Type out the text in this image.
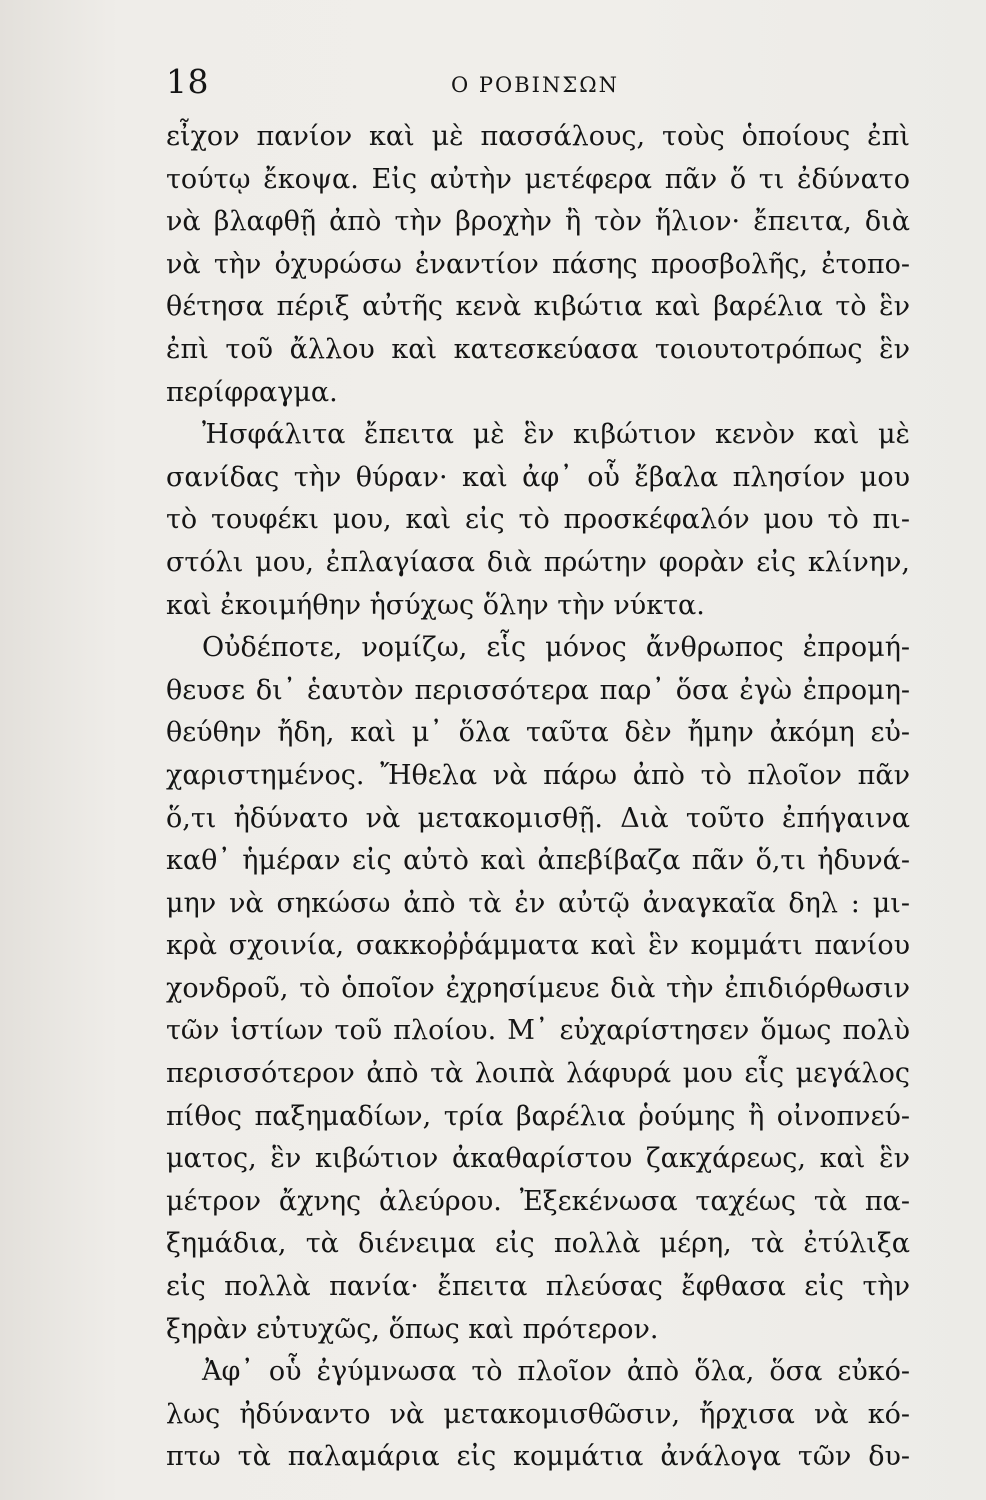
18	Ο ΡΟΒΙΝΣΩΝ
εἶχον πανίον καὶ μὲ πασσάλους, τοὺς ὁποίους ἐπὶ
τούτῳ ἔκοψα. Εἰς αὐτὴν μετέφερα πᾶν ὅ τι ἐδύνατο
νὰ βλαφθῇ ἀπὸ τὴν βροχὴν ἢ τὸν ἥλιον· ἔπειτα, διὰ
νὰ τὴν ὀχυρώσω ἐναντίον πάσης προσβολῆς, ἐτοπο-
θέτησα πέριξ αὐτῆς κενὰ κιβώτια καὶ βαρέλια τὸ ἓν
ἐπὶ τοῦ ἄλλου καὶ κατεσκεύασα τοιουτοτρόπως ἓν
περίφραγμα.
Ἠσφάλιτα ἔπειτα μὲ ἓν κιβώτιον κενὸν καὶ μὲ
σανίδας τὴν θύραν· καὶ ἀφ᾽ οὗ ἔβαλα πλησίον μου
τὸ τουφέκι μου, καὶ εἰς τὸ προσκέφαλόν μου τὸ πι-
στόλι μου, ἐπλαγίασα διὰ πρώτην φορὰν εἰς κλίνην,
καὶ ἐκοιμήθην ἡσύχως ὅλην τὴν νύκτα.
Οὐδέποτε, νομίζω, εἷς μόνος ἄνθρωπος ἐπρομή-
θευσε δι᾽ ἑαυτὸν περισσότερα παρ᾽ ὅσα ἐγὼ ἐπρομη-
θεύθην ἤδη, καὶ μ᾽ ὅλα ταῦτα δὲν ἤμην ἀκόμη εὐ-
χαριστημένος. Ἤθελα νὰ πάρω ἀπὸ τὸ πλοῖον πᾶν
ὅ,τι ἠδύνατο νὰ μετακομισθῇ. Διὰ τοῦτο ἐπήγαινα
καθ᾽ ἡμέραν εἰς αὐτὸ καὶ ἀπεβίβαζα πᾶν ὅ,τι ἠδυνά-
μην νὰ σηκώσω ἀπὸ τὰ ἐν αὐτῷ ἀναγκαῖα δηλ : μι-
κρὰ σχοινία, σακκοῤῥάμματα καὶ ἓν κομμάτι πανίου
χονδροῦ, τὸ ὁποῖον ἐχρησίμευε διὰ τὴν ἐπιδιόρθωσιν
τῶν ἱστίων τοῦ πλοίου. Μ᾽ εὐχαρίστησεν ὅμως πολὺ
περισσότερον ἀπὸ τὰ λοιπὰ λάφυρά μου εἷς μεγάλος
πίθος παξημαδίων, τρία βαρέλια ῥούμης ἢ οἰνοπνεύ-
ματος, ἓν κιβώτιον ἀκαθαρίστου ζακχάρεως, καὶ ἓν
μέτρον ἄχνης ἀλεύρου. Ἐξεκένωσα ταχέως τὰ πα-
ξημάδια, τὰ διένειμα εἰς πολλὰ μέρη, τὰ ἐτύλιξα
εἰς πολλὰ πανία· ἔπειτα πλεύσας ἔφθασα εἰς τὴν
ξηρὰν εὐτυχῶς, ὅπως καὶ πρότερον.
Ἀφ᾽ οὗ ἐγύμνωσα τὸ πλοῖον ἀπὸ ὅλα, ὅσα εὐκό-
λως ἠδύναντο νὰ μετακομισθῶσιν, ἤρχισα νὰ κό-
πτω τὰ παλαμάρια εἰς κομμάτια ἀνάλογα τῶν δυ-
